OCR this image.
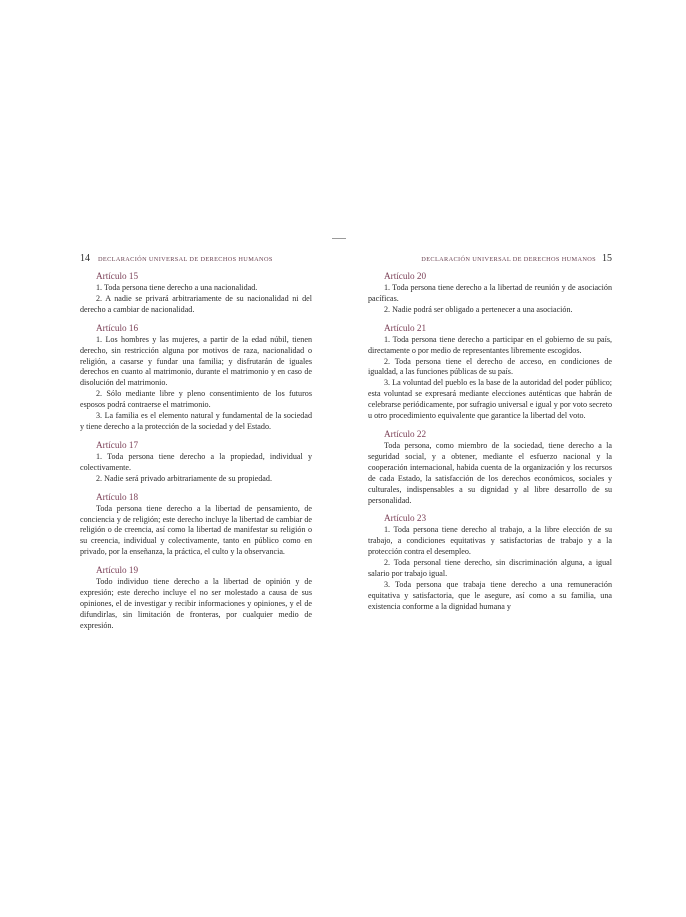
14 DECLARACIÓN UNIVERSAL DE DERECHOS HUMANOS
Artículo 15

1. Toda persona tiene derecho a una nacionalidad.

2. A nadie se privará arbitrariamente de su nacionalidad ni del derecho a cambiar de nacionalidad.

Artículo 16

1. Los hombres y las mujeres, a partir de la edad núbil, tienen derecho, sin restricción alguna por motivos de raza, nacionalidad o religión, a casarse y fundar una familia; y disfrutarán de iguales derechos en cuanto al matrimonio, durante el matrimonio y en caso de disolución del matrimonio.

2. Sólo mediante libre y pleno consentimiento de los futuros esposos podrá contraerse el matrimonio.

3. La familia es el elemento natural y fundamental de la sociedad y tiene derecho a la protección de la sociedad y del Estado.

Artículo 17

1. Toda persona tiene derecho a la propiedad, individual y colectivamente.

2. Nadie será privado arbitrariamente de su propiedad.

Artículo 18

Toda persona tiene derecho a la libertad de pensamiento, de conciencia y de religión; este derecho incluye la libertad de cambiar de religión o de creencia, así como la libertad de manifestar su religión o su creencia, individual y colectivamente, tanto en público como en privado, por la enseñanza, la práctica, el culto y la observancia.

Artículo 19

Todo individuo tiene derecho a la libertad de opinión y de expresión; este derecho incluye el no ser molestado a causa de sus opiniones, el de investigar y recibir informaciones y opiniones, y el de difundirlas, sin limitación de fronteras, por cualquier medio de expresión.

DECLARACIÓN UNIVERSAL DE DERECHOS HUMANOS 15
Artículo 20

1. Toda persona tiene derecho a la libertad de reunión y de asociación pacíficas.

2. Nadie podrá ser obligado a pertenecer a una asociación.

Artículo 21

1. Toda persona tiene derecho a participar en el gobierno de su país, directamente o por medio de representantes libremente escogidos.

2. Toda persona tiene el derecho de acceso, en condiciones de igualdad, a las funciones públicas de su país.

3. La voluntad del pueblo es la base de la autoridad del poder público; esta voluntad se expresará mediante elecciones auténticas que habrán de celebrarse periódicamente, por sufragio universal e igual y por voto secreto u otro procedimiento equivalente que garantice la libertad del voto.

Artículo 22

Toda persona, como miembro de la sociedad, tiene derecho a la seguridad social, y a obtener, mediante el esfuerzo nacional y la cooperación internacional, habida cuenta de la organización y los recursos de cada Estado, la satisfacción de los derechos económicos, sociales y culturales, indispensables a su dignidad y al libre desarrollo de su personalidad.

Artículo 23

1. Toda persona tiene derecho al trabajo, a la libre elección de su trabajo, a condiciones equitativas y satisfactorias de trabajo y a la protección contra el desempleo.

2. Toda personal tiene derecho, sin discriminación alguna, a igual salario por trabajo igual.

3. Toda persona que trabaja tiene derecho a una remuneración equitativa y satisfactoria, que le asegure, así como a su familia, una existencia conforme a la dignidad humana y
